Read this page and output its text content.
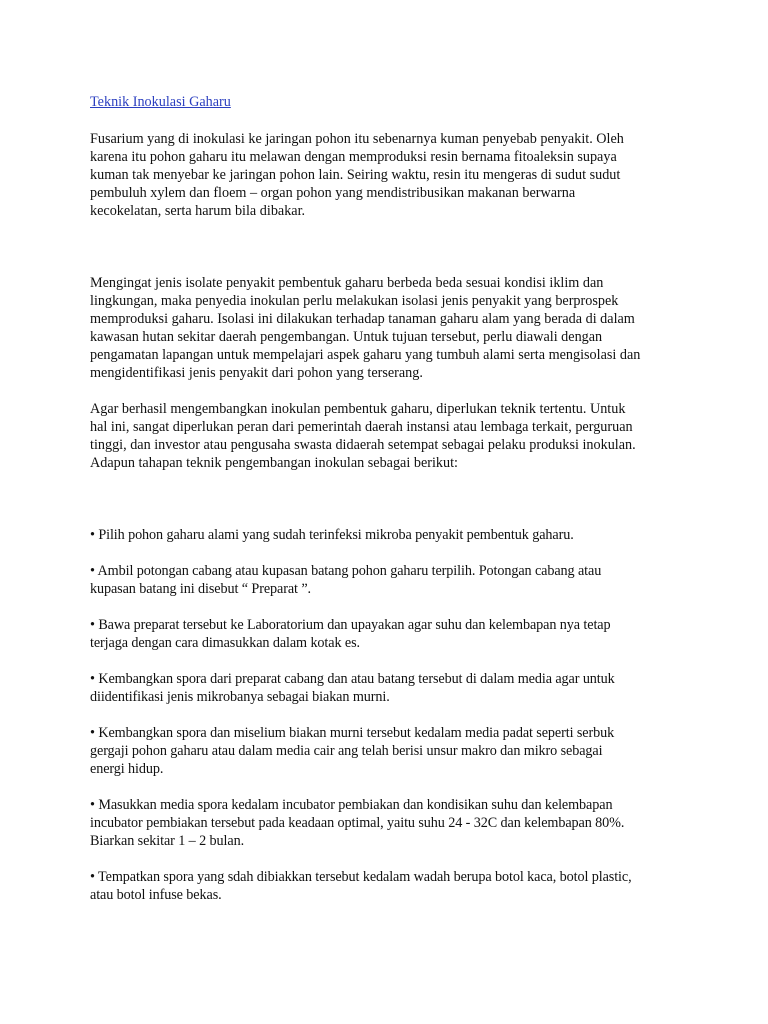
Teknik Inokulasi Gaharu

Fusarium yang di inokulasi ke jaringan pohon itu sebenarnya kuman penyebab penyakit. Oleh
karena itu pohon gaharu itu melawan dengan memproduksi resin bernama fitoaleksin supaya
kuman tak menyebar ke jaringan pohon lain. Seiring waktu, resin itu mengeras di sudut sudut
pembuluh xylem dan floem – organ pohon yang mendistribusikan makanan berwarna
kecokelatan, serta harum bila dibakar.

Mengingat jenis isolate penyakit pembentuk gaharu berbeda beda sesuai kondisi iklim dan
lingkungan, maka penyedia inokulan perlu melakukan isolasi jenis penyakit yang berprospek
memproduksi gaharu. Isolasi ini dilakukan terhadap tanaman gaharu alam yang berada di dalam
kawasan hutan sekitar daerah pengembangan. Untuk tujuan tersebut, perlu diawali dengan
pengamatan lapangan untuk mempelajari aspek gaharu yang tumbuh alami serta mengisolasi dan
mengidentifikasi jenis penyakit dari pohon yang terserang.

Agar berhasil mengembangkan inokulan pembentuk gaharu, diperlukan teknik tertentu. Untuk
hal ini, sangat diperlukan peran dari pemerintah daerah instansi atau lembaga terkait, perguruan
tinggi, dan investor atau pengusaha swasta didaerah setempat sebagai pelaku produksi inokulan.
Adapun tahapan teknik pengembangan inokulan sebagai berikut:

• Pilih pohon gaharu alami yang sudah terinfeksi mikroba penyakit pembentuk gaharu.
• Ambil potongan cabang atau kupasan batang pohon gaharu terpilih. Potongan cabang atau
kupasan batang ini disebut “ Preparat ”.
• Bawa preparat tersebut ke Laboratorium dan upayakan agar suhu dan kelembapan nya tetap
terjaga dengan cara dimasukkan dalam kotak es.
• Kembangkan spora dari preparat cabang dan atau batang tersebut di dalam media agar untuk
diidentifikasi jenis mikrobanya sebagai biakan murni.
• Kembangkan spora dan miselium biakan murni tersebut kedalam media padat seperti serbuk
gergaji pohon gaharu atau dalam media cair ang telah berisi unsur makro dan mikro sebagai
energi hidup.
• Masukkan media spora kedalam incubator pembiakan dan kondisikan suhu dan kelembapan
incubator pembiakan tersebut pada keadaan optimal, yaitu suhu 24 - 32C dan kelembapan 80%.
Biarkan sekitar 1 – 2 bulan.
• Tempatkan spora yang sdah dibiakkan tersebut kedalam wadah berupa botol kaca, botol plastic,
atau botol infuse bekas.
